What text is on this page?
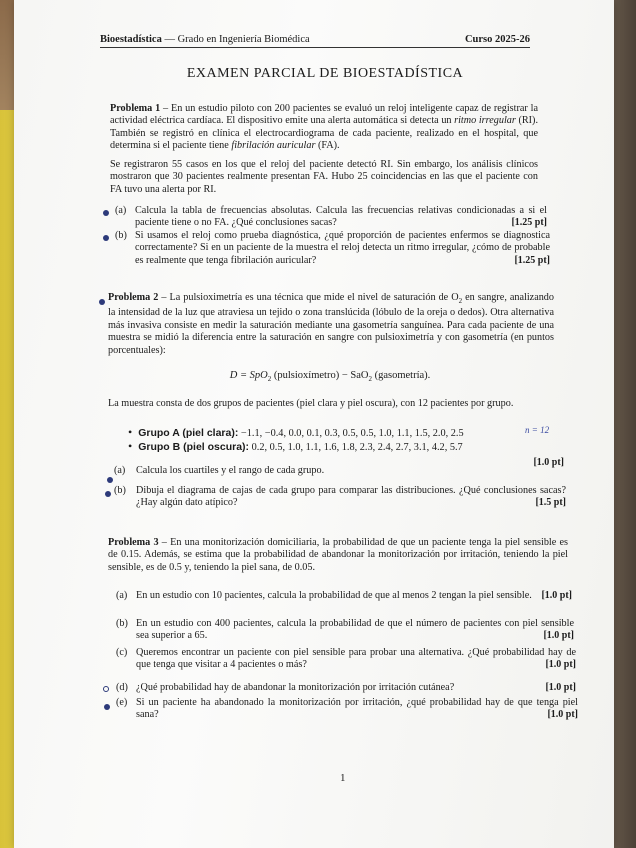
Bioestadística — Grado en Ingeniería Biomédica	Curso 2025-26
EXAMEN PARCIAL DE BIOESTADÍSTICA
Problema 1 – En un estudio piloto con 200 pacientes se evaluó un reloj inteligente capaz de registrar la actividad eléctrica cardíaca. El dispositivo emite una alerta automática si detecta un ritmo irregular (RI). También se registró en clínica el electrocardiograma de cada paciente, realizado en el hospital, que determina si el paciente tiene fibrilación auricular (FA).
Se registraron 55 casos en los que el reloj del paciente detectó RI. Sin embargo, los análisis clínicos mostraron que 30 pacientes realmente presentan FA. Hubo 25 coincidencias en las que el paciente con FA tuvo una alerta por RI.
(a) Calcula la tabla de frecuencias absolutas. Calcula las frecuencias relativas condicionadas a si el paciente tiene o no FA. ¿Qué conclusiones sacas?	[1.25 pt]
(b) Si usamos el reloj como prueba diagnóstica, ¿qué proporción de pacientes enfermos se diagnostica correctamente? Si en un paciente de la muestra el reloj detecta un ritmo irregular, ¿cómo de probable es realmente que tenga fibrilación auricular?	[1.25 pt]
Problema 2 – La pulsioximetría es una técnica que mide el nivel de saturación de $O_2$ en sangre, analizando la intensidad de la luz que atraviesa un tejido o zona translúcida (lóbulo de la oreja o dedos). Otra alternativa más invasiva consiste en medir la saturación mediante una gasometría sanguínea. Para cada paciente de una muestra se midió la diferencia entre la saturación en sangre con pulsioximetría y con gasometría (en puntos porcentuales):
D = SpO$_2$ (pulsioxímetro) − SaO$_2$ (gasometría).
La muestra consta de dos grupos de pacientes (piel clara y piel oscura), con 12 pacientes por grupo.
• Grupo A (piel clara): −1.1, −0.4, 0.0, 0.1, 0.3, 0.5, 0.5, 1.0, 1.1, 1.5, 2.0, 2.5
• Grupo B (piel oscura): 0.2, 0.5, 1.0, 1.1, 1.6, 1.8, 2.3, 2.4, 2.7, 3.1, 4.2, 5.7
n = 12
(a)	Calcula los cuartiles y el rango de cada grupo.
[1.0 pt]
(b) Dibuja el diagrama de cajas de cada grupo para comparar las distribuciones. ¿Qué conclusiones sacas? ¿Hay algún dato atípico?	[1.5 pt]
Problema 3 – En una monitorización domiciliaria, la probabilidad de que un paciente tenga la piel sensible es de 0.15. Además, se estima que la probabilidad de abandonar la monitorización por irritación, teniendo la piel sensible, es de 0.5 y, teniendo la piel sana, de 0.05.
(a) En un estudio con 10 pacientes, calcula la probabilidad de que al menos 2 tengan la piel sensible. [1.0 pt]
(b) En un estudio con 400 pacientes, calcula la probabilidad de que el número de pacientes con piel sensible sea superior a 65.	[1.0 pt]
(c) Queremos encontrar un paciente con piel sensible para probar una alternativa. ¿Qué probabilidad hay de que tenga que visitar a 4 pacientes o más?	[1.0 pt]
(d) ¿Qué probabilidad hay de abandonar la monitorización por irritación cutánea?	[1.0 pt]
(e) Si un paciente ha abandonado la monitorización por irritación, ¿qué probabilidad hay de que tenga piel sana?	[1.0 pt]
1
